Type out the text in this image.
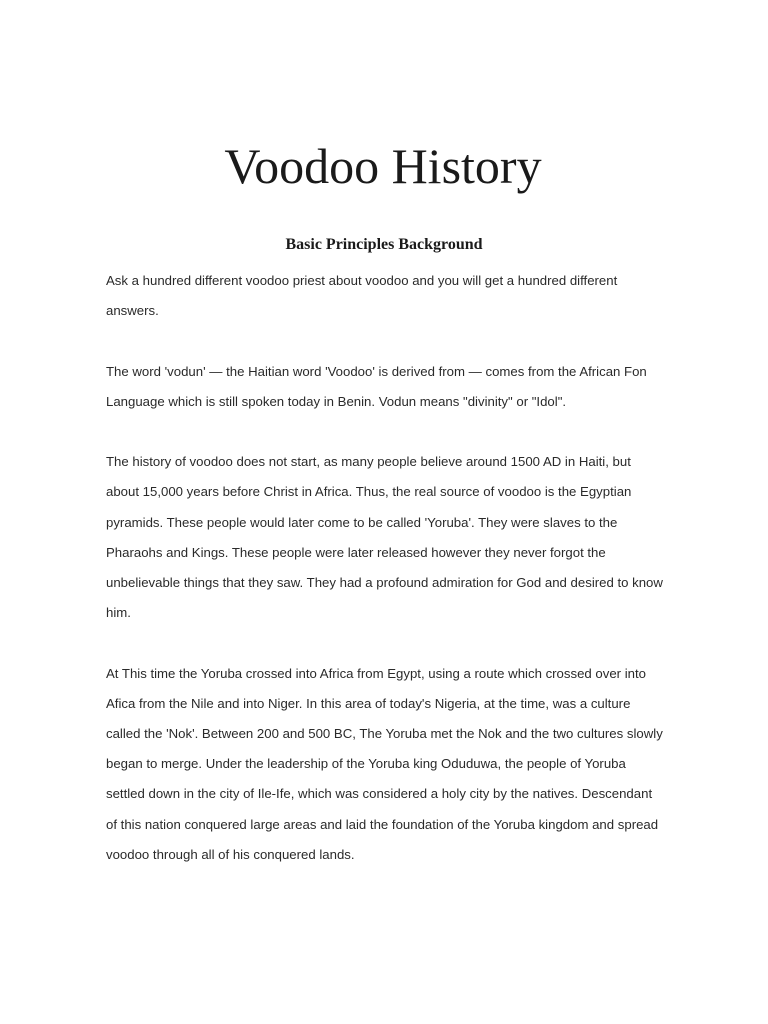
Voodoo History
Basic Principles Background

Ask a hundred different voodoo priest about voodoo and you will get a hundred different answers.

The word 'vodun' — the Haitian word 'Voodoo' is derived from — comes from the African Fon Language which is still spoken today in Benin. Vodun means "divinity" or "Idol".

The history of voodoo does not start, as many people believe around 1500 AD in Haiti, but about 15,000 years before Christ in Africa. Thus, the real source of voodoo is the Egyptian pyramids. These people would later come to be called 'Yoruba'. They were slaves to the Pharaohs and Kings. These people were later released however they never forgot the unbelievable things that they saw. They had a profound admiration for God and desired to know him.

At This time the Yoruba crossed into Africa from Egypt, using a route which crossed over into Afica from the Nile and into Niger. In this area of today's Nigeria, at the time, was a culture called the 'Nok'. Between 200 and 500 BC, The Yoruba met the Nok and the two cultures slowly began to merge. Under the leadership of the Yoruba king Oduduwa, the people of Yoruba settled down in the city of Ile-Ife, which was considered a holy city by the natives. Descendant of this nation conquered large areas and laid the foundation of the Yoruba kingdom and spread voodoo through all of his conquered lands.
